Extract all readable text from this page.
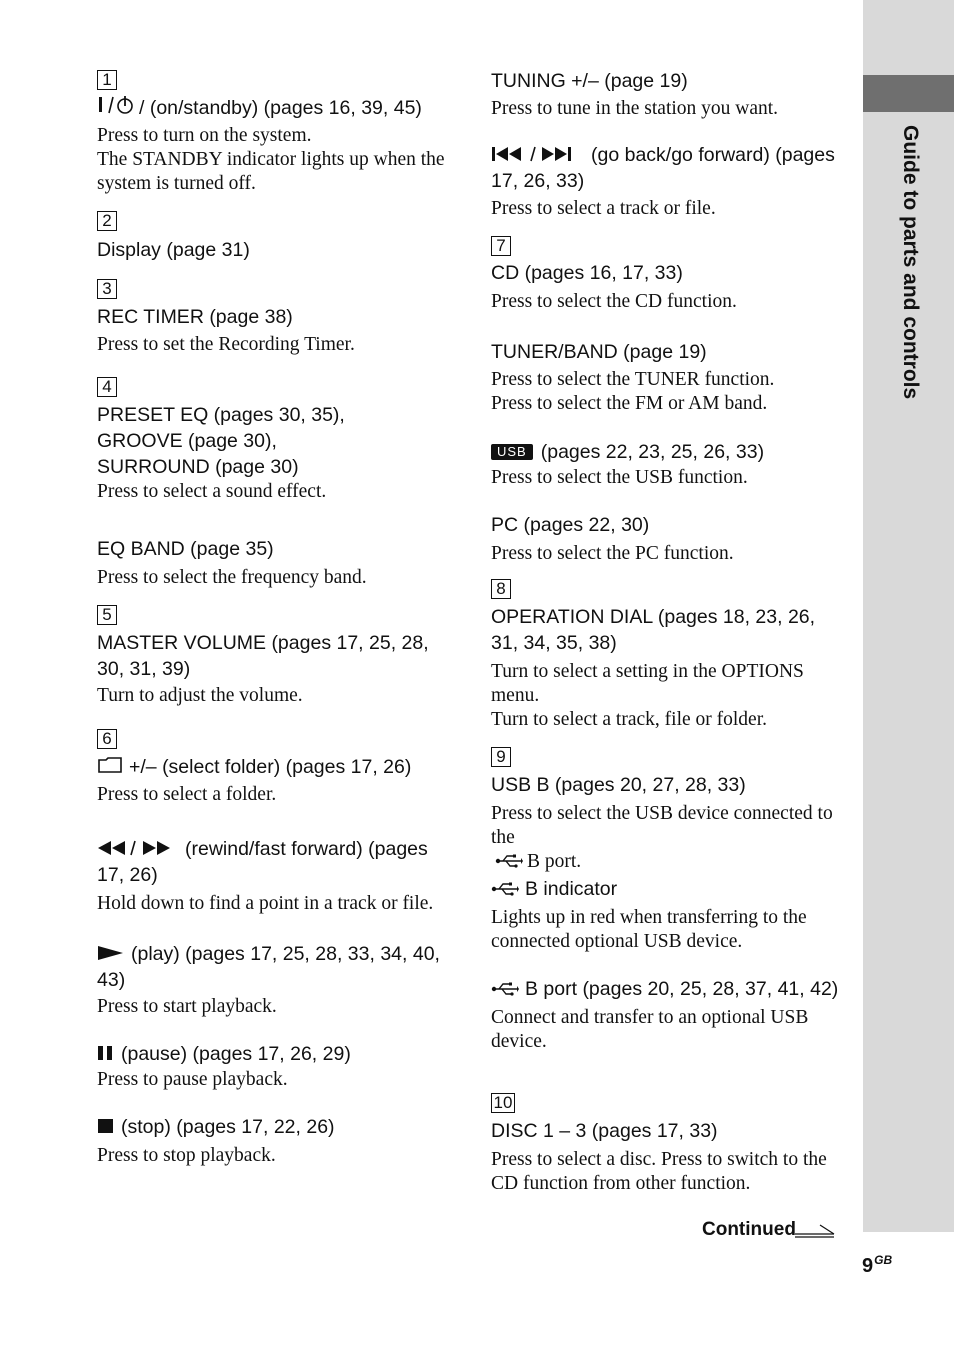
Guide to parts and controls
1
/ (on/standby) (pages 16, 39, 45)
Press to turn on the system.
The STANDBY indicator lights up when the system is turned off.
2
Display (page 31)
3
REC TIMER (page 38)
Press to set the Recording Timer.
4
PRESET EQ (pages 30, 35),
GROOVE (page 30),
SURROUND (page 30)
Press to select a sound effect.
EQ BAND (page 35)
Press to select the frequency band.
5
MASTER VOLUME (pages 17, 25, 28, 30, 31, 39)
Turn to adjust the volume.
6
+/– (select folder) (pages 17, 26)
Press to select a folder.
(rewind/fast forward) (pages 17, 26)
Hold down to find a point in a track or file.
(play) (pages 17, 25, 28, 33, 34, 40, 43)
Press to start playback.
(pause) (pages 17, 26, 29)
Press to pause playback.
(stop) (pages 17, 22, 26)
Press to stop playback.
TUNING +/– (page 19)
Press to tune in the station you want.
(go back/go forward) (pages 17, 26, 33)
Press to select a track or file.
7
CD (pages 16, 17, 33)
Press to select the CD function.
TUNER/BAND (page 19)
Press to select the TUNER function.
Press to select the FM or AM band.
USB (pages 22, 23, 25, 26, 33)
Press to select the USB function.
PC (pages 22, 30)
Press to select the PC function.
8
OPERATION DIAL (pages 18, 23, 26, 31, 34, 35, 38)
Turn to select a setting in the OPTIONS menu.
Turn to select a track, file or folder.
9
USB B (pages 20, 27, 28, 33)
Press to select the USB device connected to the
B port.
B indicator
Lights up in red when transferring to the connected optional USB device.
B port (pages 20, 25, 28, 37, 41, 42)
Connect and transfer to an optional USB device.
10
DISC 1 – 3 (pages 17, 33)
Press to select a disc. Press to switch to the CD function from other function.
Continued
$9^{GB}$
